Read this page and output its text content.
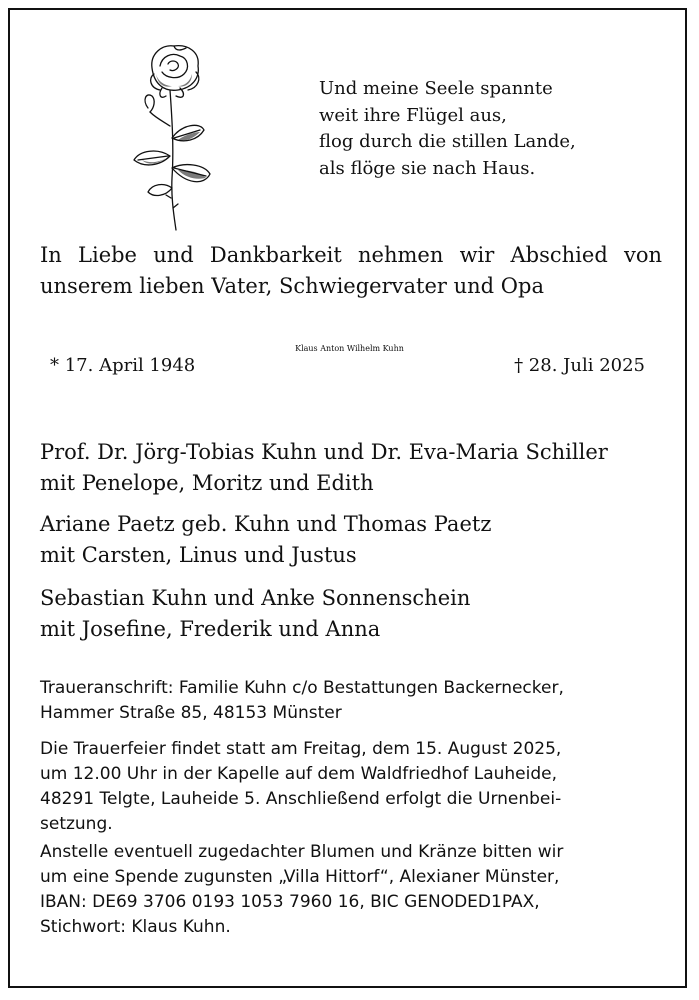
Und meine Seele spannte
weit ihre Flügel aus,
flog durch die stillen Lande,
als flöge sie nach Haus.
In Liebe und Dankbarkeit nehmen wir Abschied von
unserem lieben Vater, Schwiegervater und Opa
Klaus Anton Wilhelm Kuhn
* 17. April 1948	† 28. Juli 2025
Prof. Dr. Jörg-Tobias Kuhn und Dr. Eva-Maria Schiller
mit Penelope, Moritz und Edith
Ariane Paetz geb. Kuhn und Thomas Paetz
mit Carsten, Linus und Justus
Sebastian Kuhn und Anke Sonnenschein
mit Josefine, Frederik und Anna
Traueranschrift: Familie Kuhn c/o Bestattungen Backernecker,
Hammer Straße 85, 48153 Münster
Die Trauerfeier findet statt am Freitag, dem 15. August 2025,
um 12.00 Uhr in der Kapelle auf dem Waldfriedhof Lauheide,
48291 Telgte, Lauheide 5. Anschließend erfolgt die Urnenbei-
setzung.
Anstelle eventuell zugedachter Blumen und Kränze bitten wir
um eine Spende zugunsten „Villa Hittorf“, Alexianer Münster,
IBAN: DE69 3706 0193 1053 7960 16, BIC GENODED1PAX,
Stichwort: Klaus Kuhn.
